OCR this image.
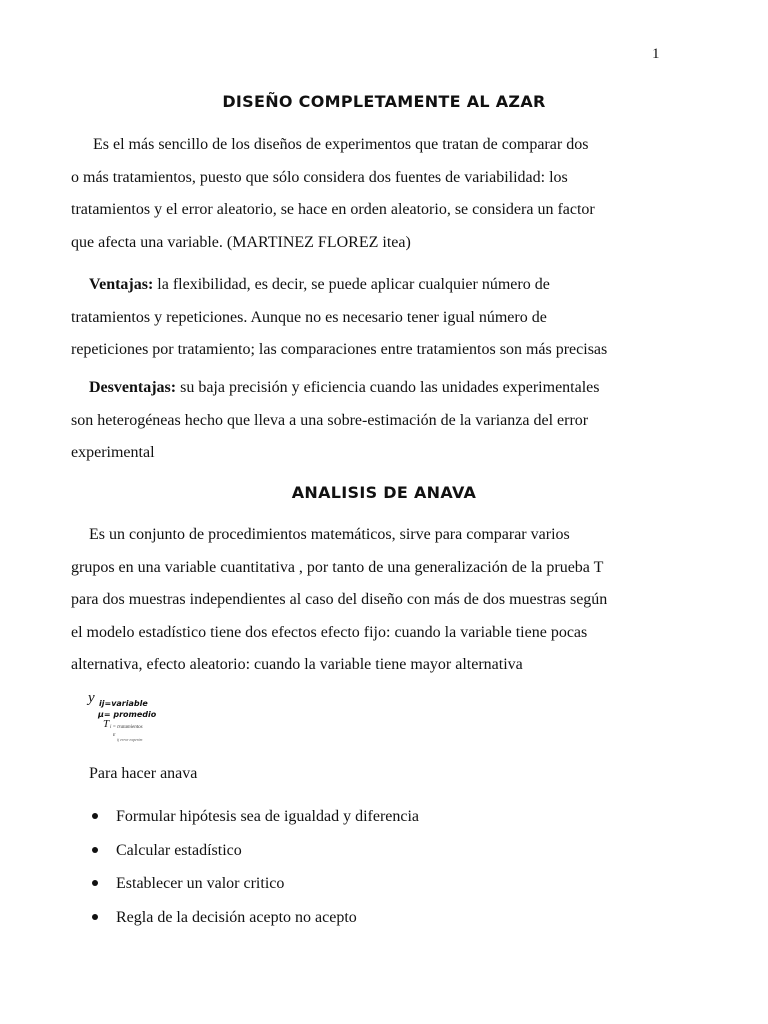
1
DISEÑO COMPLETAMENTE AL AZAR
Es el más sencillo de los diseños de experimentos que tratan de comparar dos
o más tratamientos, puesto que sólo considera dos fuentes de variabilidad: los
tratamientos y el error aleatorio, se hace en orden aleatorio, se considera un factor
que afecta una variable. (MARTINEZ FLOREZ itea)
Ventajas: la flexibilidad, es decir, se puede aplicar cualquier número de
tratamientos y repeticiones. Aunque no es necesario tener igual número de
repeticiones por tratamiento; las comparaciones entre tratamientos son más precisas
Desventajas: su baja precisión y eficiencia cuando las unidades experimentales
son heterogéneas hecho que lleva a una sobre-estimación de la varianza del error
experimental
ANALISIS DE ANAVA
Es un conjunto de procedimientos matemáticos, sirve para comparar varios
grupos en una variable cuantitativa , por tanto de una generalización de la prueba T
para dos muestras independientes al caso del diseño con más de dos muestras según
el modelo estadístico tiene dos efectos efecto fijo: cuando la variable tiene pocas
alternativa, efecto aleatorio: cuando la variable tiene mayor alternativa
y ij=variable
µ= promedio
T i = tratamientos
ε
ij error experim
Para hacer anava
Formular hipótesis sea de igualdad y diferencia
Calcular estadístico
Establecer un valor critico
Regla de la decisión acepto no acepto
